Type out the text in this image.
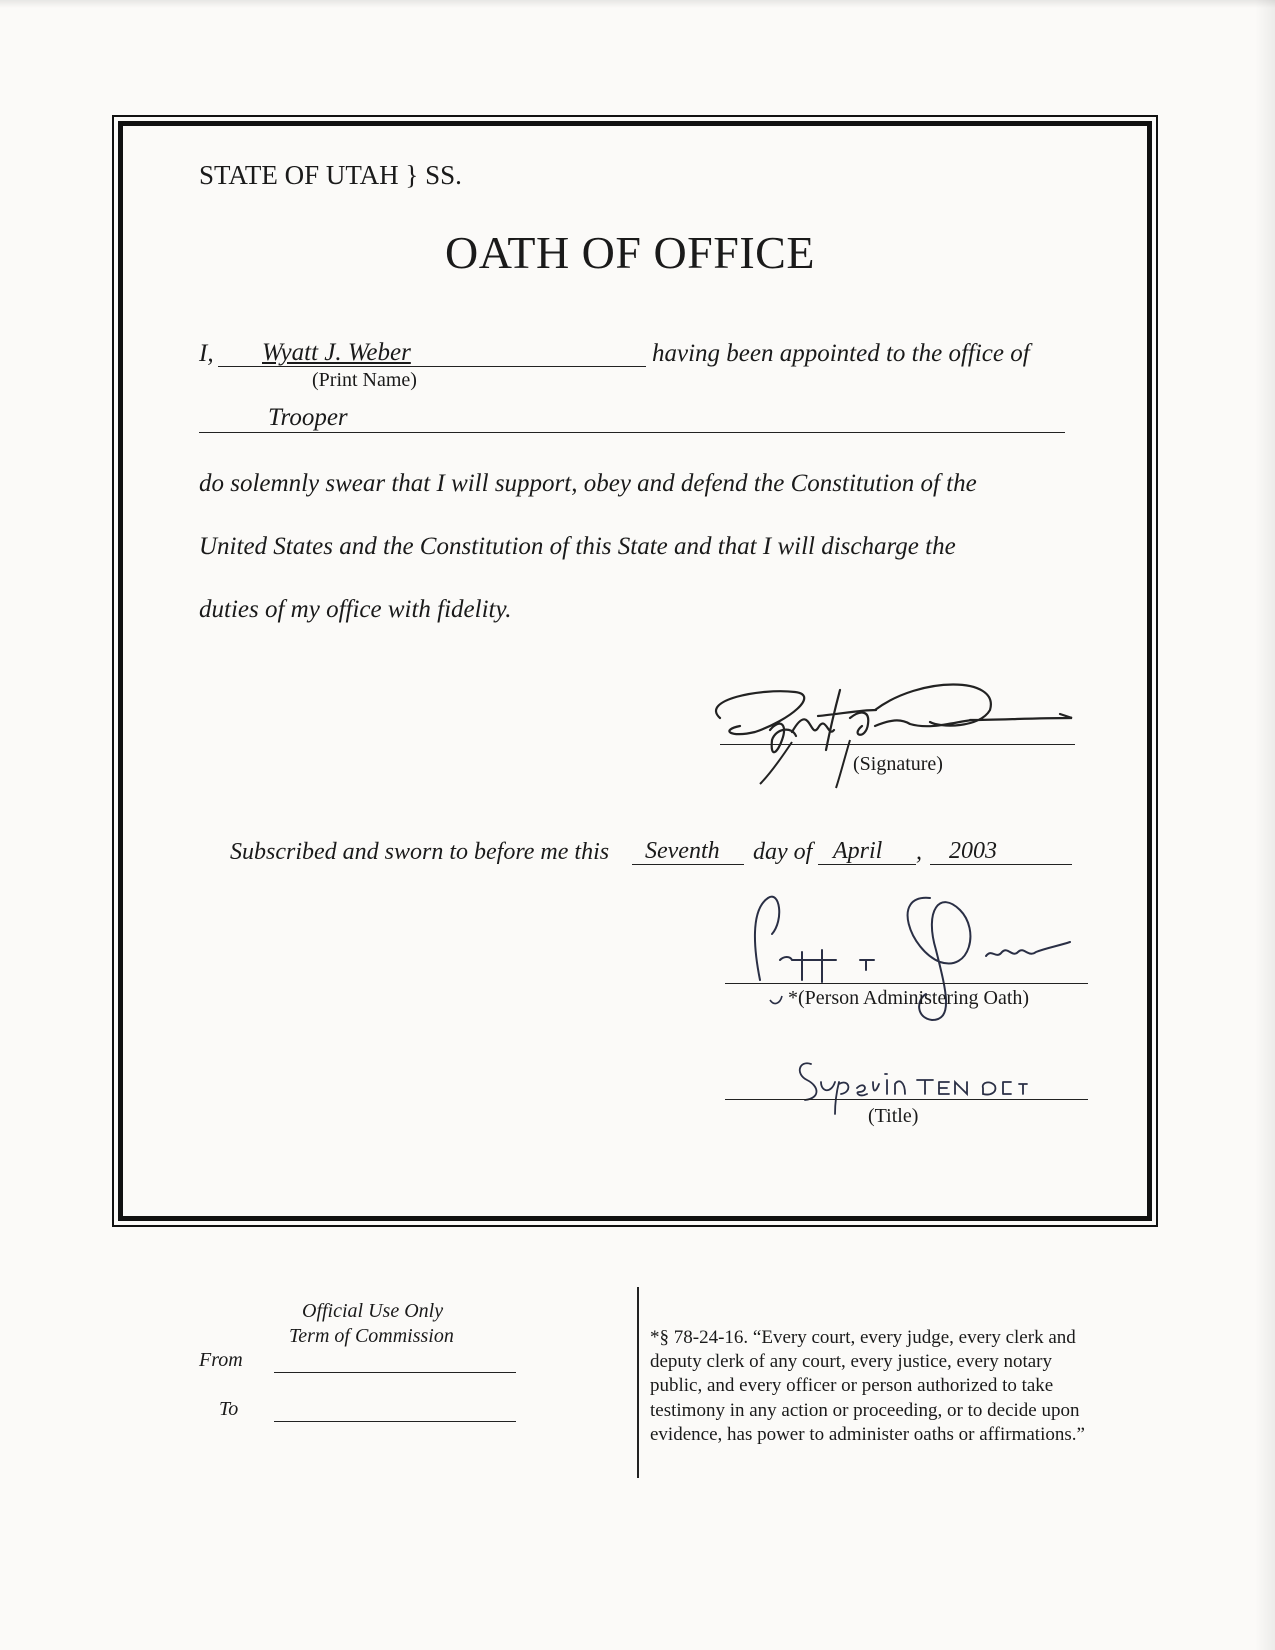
STATE OF UTAH } SS.
OATH OF OFFICE
I, Wyatt J. Weber	having been appointed to the office of
(Print Name)
Trooper
do solemnly swear that I will support, obey and defend the Constitution of the
United States and the Constitution of this State and that I will discharge the
duties of my office with fidelity.
(Signature)
Subscribed and sworn to before me this Seventh day of April , 2003
*(Person Administering Oath)
(Title)
Official Use Only
Term of Commission
From
To
*§ 78-24-16. “Every court, every judge, every clerk and
deputy clerk of any court, every justice, every notary
public, and every officer or person authorized to take
testimony in any action or proceeding, or to decide upon
evidence, has power to administer oaths or affirmations.”
